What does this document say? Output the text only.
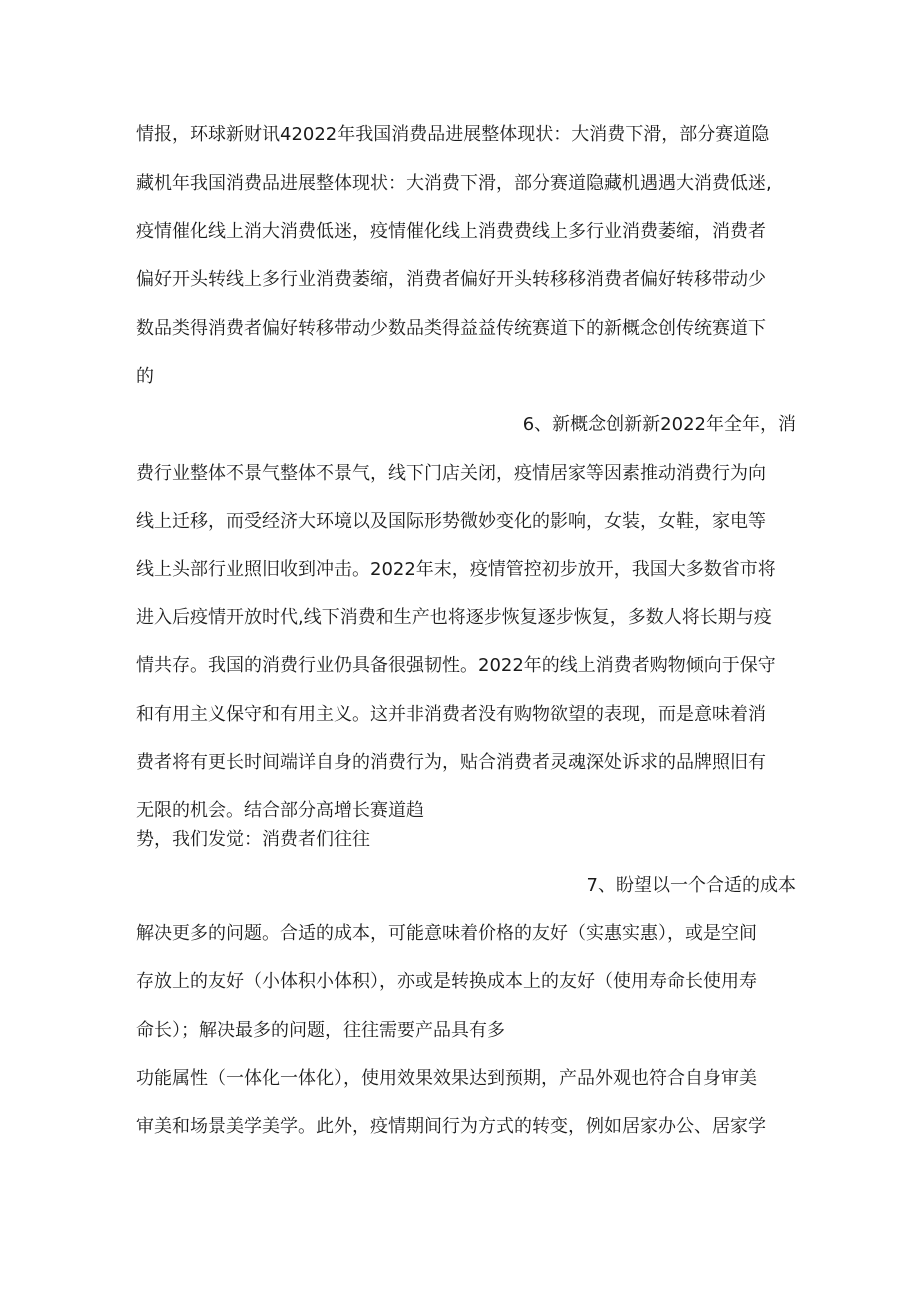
情报，环球新财讯42022年我国消费品进展整体现状：大消费下滑，部分赛道隐
藏机年我国消费品进展整体现状：大消费下滑，部分赛道隐藏机遇遇大消费低迷,
疫情催化线上消大消费低迷，疫情催化线上消费费线上多行业消费萎缩，消费者
偏好开头转线上多行业消费萎缩，消费者偏好开头转移移消费者偏好转移带动少
数品类得消费者偏好转移带动少数品类得益益传统赛道下的新概念创传统赛道下
的
6、新概念创新新2022年全年，消
费行业整体不景气整体不景气，线下门店关闭，疫情居家等因素推动消费行为向
线上迁移，而受经济大环境以及国际形势微妙变化的影响，女装，女鞋，家电等
线上头部行业照旧收到冲击。2022年末，疫情管控初步放开，我国大多数省市将
进入后疫情开放时代,线下消费和生产也将逐步恢复逐步恢复，多数人将长期与疫
情共存。我国的消费行业仍具备很强韧性。2022年的线上消费者购物倾向于保守
和有用主义保守和有用主义。这并非消费者没有购物欲望的表现，而是意味着消
费者将有更长时间端详自身的消费行为，贴合消费者灵魂深处诉求的品牌照旧有
无限的机会。结合部分高增长赛道趋
势，我们发觉：消费者们往往
7、盼望以一个合适的成本
解决更多的问题。合适的成本，可能意味着价格的友好（实惠实惠），或是空间
存放上的友好（小体积小体积），亦或是转换成本上的友好（使用寿命长使用寿
命长）；解决最多的问题，往往需要产品具有多
功能属性（一体化一体化），使用效果效果达到预期，产品外观也符合自身审美
审美和场景美学美学。此外，疫情期间行为方式的转变，例如居家办公、居家学
